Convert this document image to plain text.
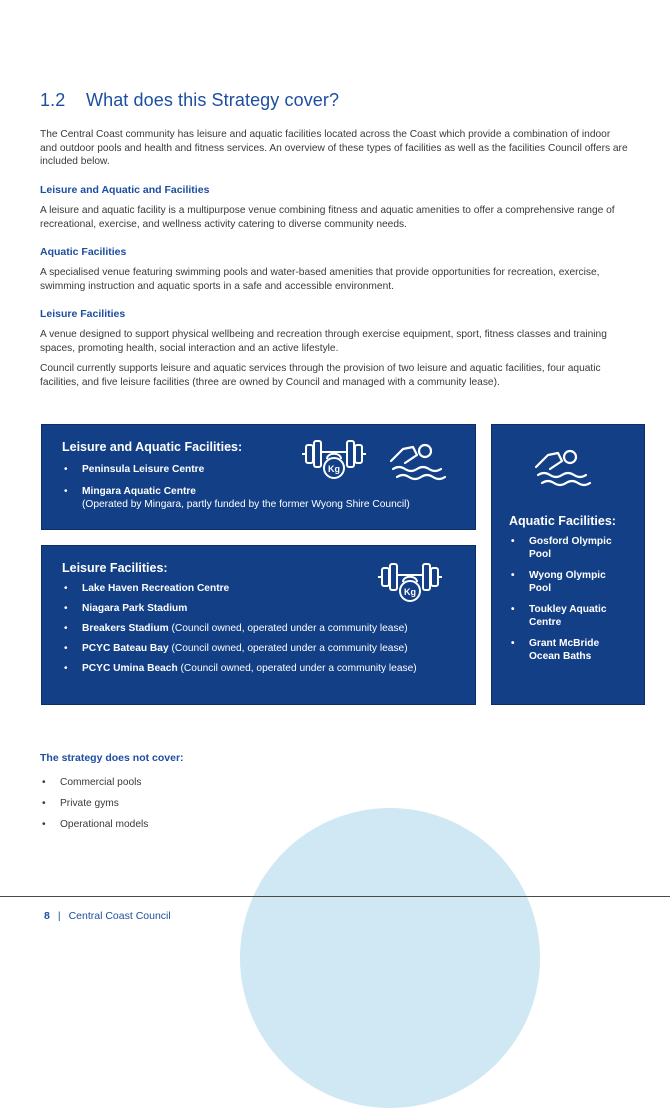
1.2 What does this Strategy cover?

The Central Coast community has leisure and aquatic facilities located across the Coast which provide a combination of indoor and outdoor pools and health and fitness services. An overview of these types of facilities as well as the facilities Council offers are included below.

Leisure and Aquatic and Facilities

A leisure and aquatic facility is a multipurpose venue combining fitness and aquatic amenities to offer a comprehensive range of recreational, exercise, and wellness activity catering to diverse community needs.

Aquatic Facilities

A specialised venue featuring swimming pools and water-based amenities that provide opportunities for recreation, exercise, swimming instruction and aquatic sports in a safe and accessible environment.

Leisure Facilities

A venue designed to support physical wellbeing and recreation through exercise equipment, sport, fitness classes and training spaces, promoting health, social interaction and an active lifestyle.

Council currently supports leisure and aquatic services through the provision of two leisure and aquatic facilities, four aquatic facilities, and five leisure facilities (three are owned by Council and managed with a community lease).

Leisure and Aquatic Facilities:
• Peninsula Leisure Centre
• Mingara Aquatic Centre
(Operated by Mingara, partly funded by the former Wyong Shire Council)
Kg
Leisure Facilities:
• Lake Haven Recreation Centre
• Niagara Park Stadium
• Breakers Stadium (Council owned, operated under a community lease)
• PCYC Bateau Bay (Council owned, operated under a community lease)
• PCYC Umina Beach (Council owned, operated under a community lease)
Kg
Aquatic Facilities:
• Gosford Olympic
Pool
• Wyong Olympic
Pool
• Toukley Aquatic
Centre
• Grant McBride
Ocean Baths
The strategy does not cover:
• Commercial pools
• Private gyms
• Operational models
8 | Central Coast Council
